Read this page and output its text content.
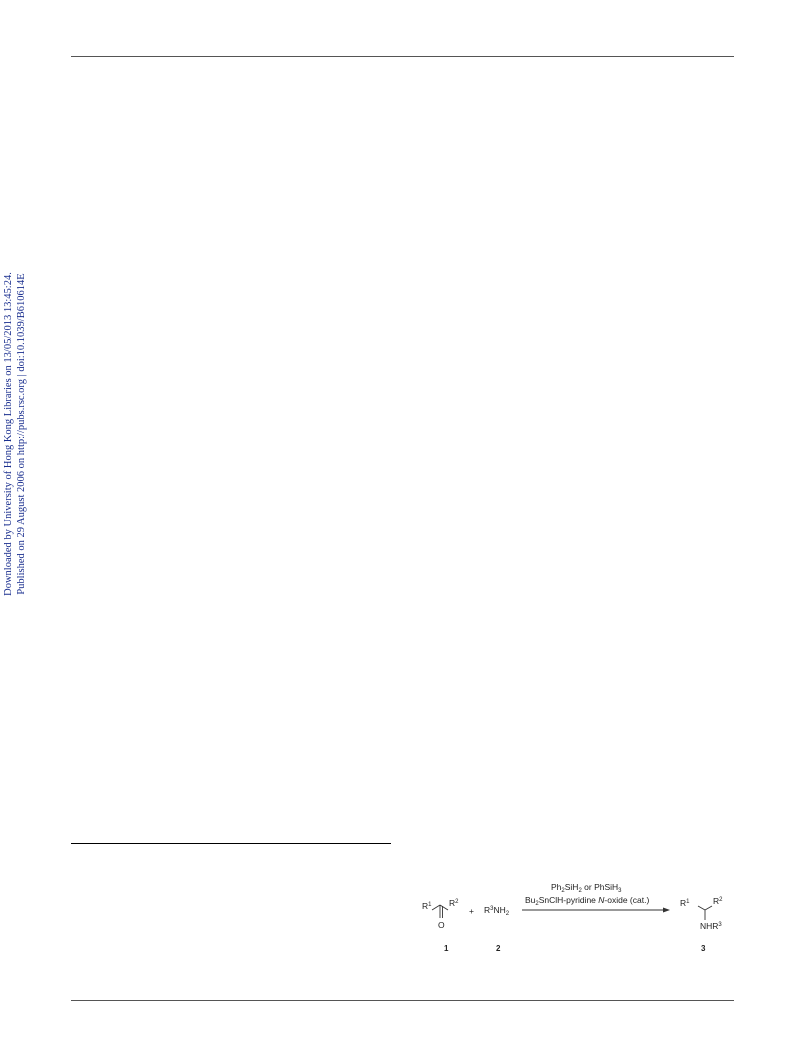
Downloaded by University of Hong Kong Libraries on 13/05/2013 13:45:24. Published on 29 August 2006 on http://pubs.rsc.org | doi:10.1039/B610614E
$R^1$ $R^2$
O
+ $R^3NH_2$
$Ph_2SiH_2$ or PhSiH$_3$
$Bu_2SnClH$-pyridine N-oxide (cat.)	$R^1$	$R^2$
NHR$^3$
1	2	3
